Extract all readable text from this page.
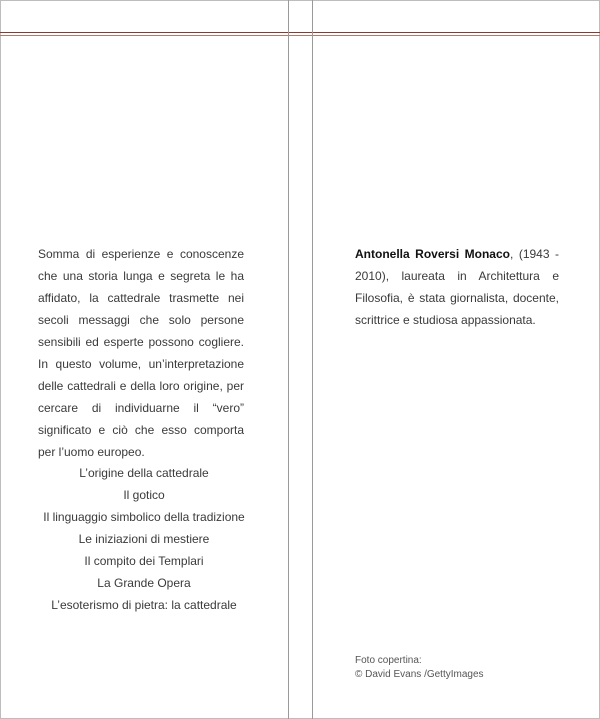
Somma di esperienze e conoscenze che una storia lunga e segreta le ha affidato, la cattedrale trasmette nei secoli messaggi che solo persone sensibili ed esperte possono coglierе. In questo volume, un’interpretazione delle cattedrali e della loro origine, per cercare di individuarne il “vero” significato e ciò che esso comporta per l’uomo europeo.

L’origine della cattedrale
Il gotico
Il linguaggio simbolico della tradizione
Le iniziazioni di mestiere
Il compito dei Templari
La Grande Opera
L’esoterismo di pietra: la cattedrale

Antonella Roversi Monaco, (1943 - 2010), laureata in Architettura e Filosofia, è stata giornalista, docente, scrittrice e studiosa appassionata.

Foto copertina:
© David Evans /GettyImages
